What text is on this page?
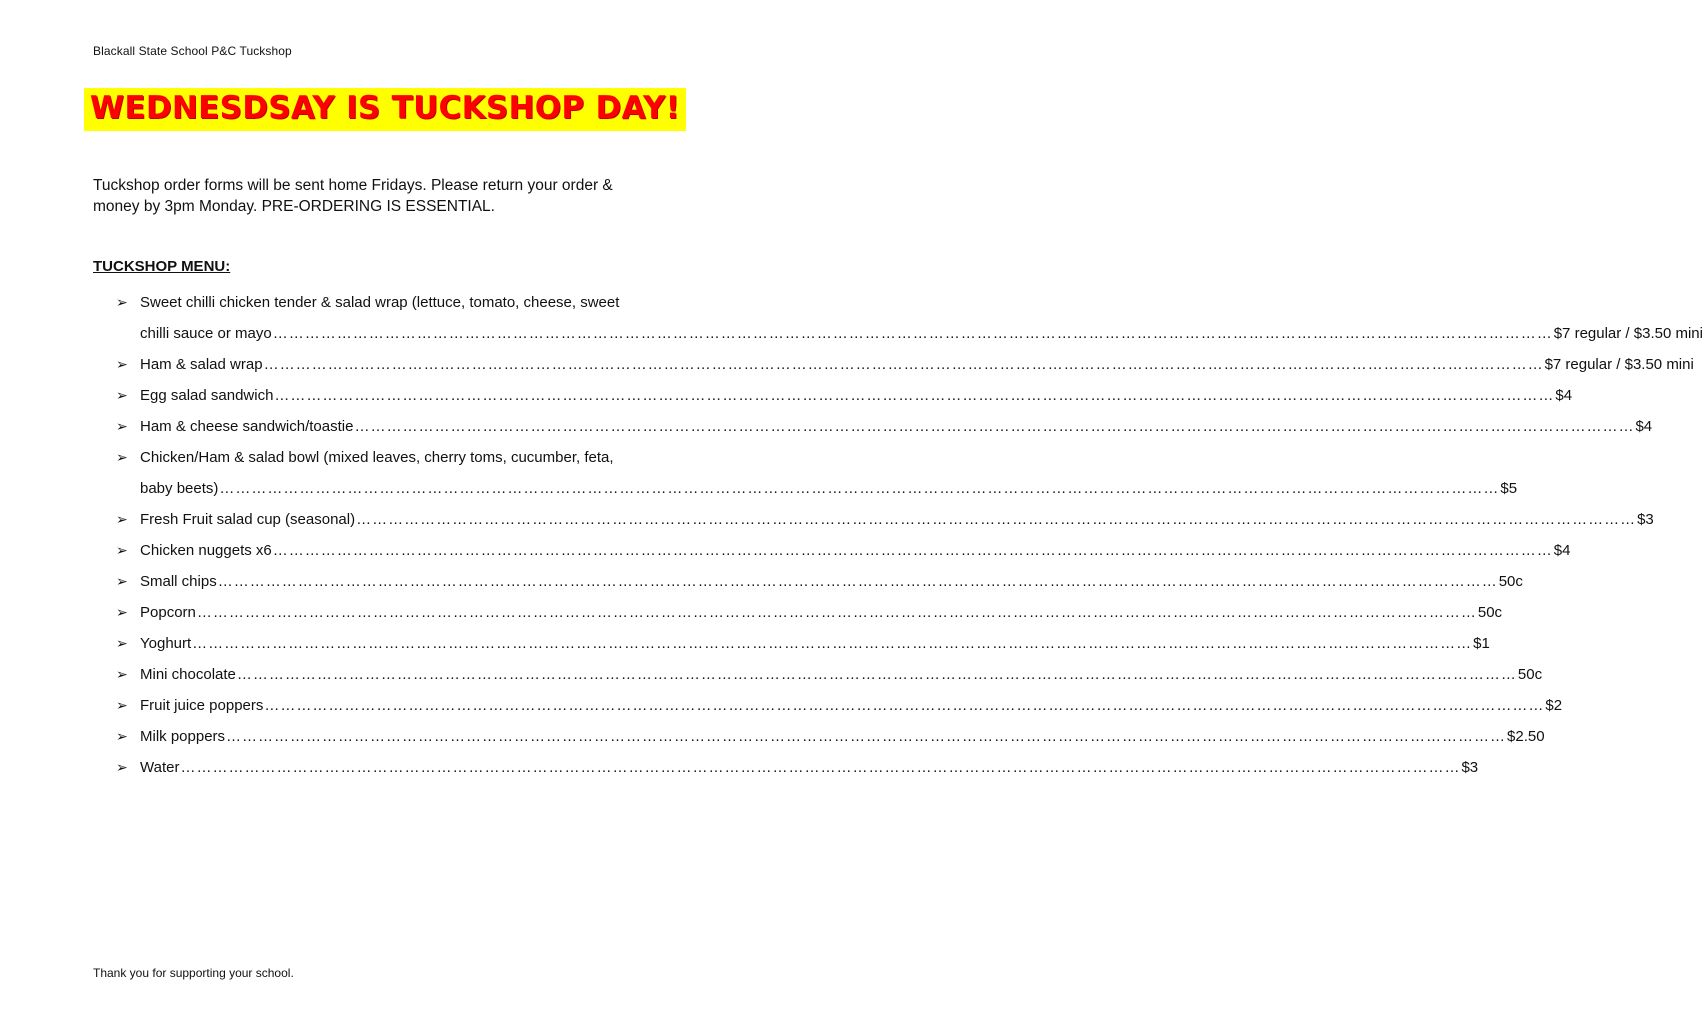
Blackall State School P&C Tuckshop
WEDNESDSAY IS TUCKSHOP DAY!

Tuckshop order forms will be sent home Fridays. Please return your order &

money by 3pm Monday. PRE-ORDERING IS ESSENTIAL.

TUCKSHOP MENU:
➢ Sweet chilli chicken tender & salad wrap (lettuce, tomato, cheese, sweet
chilli sauce or mayo …………………………………………………………………………………………………………………………………………………………………………………………………………………… $7 regular / $3.50 mini
➢ Ham & salad wrap …………………………………………………………………………………………………………………………………………………………………………………………………………………… $7 regular / $3.50 mini
➢ Egg salad sandwich …………………………………………………………………………………………………………………………………………………………………………………………………………………… $4
➢ Ham & cheese sandwich/toastie …………………………………………………………………………………………………………………………………………………………………………………………………………………… $4
➢ Chicken/Ham & salad bowl (mixed leaves, cherry toms, cucumber, feta,
baby beets) …………………………………………………………………………………………………………………………………………………………………………………………………………………… $5
➢ Fresh Fruit salad cup (seasonal) …………………………………………………………………………………………………………………………………………………………………………………………………………………… $3
➢ Chicken nuggets x6 …………………………………………………………………………………………………………………………………………………………………………………………………………………… $4
➢ Small chips …………………………………………………………………………………………………………………………………………………………………………………………………………………… 50c
➢ Popcorn …………………………………………………………………………………………………………………………………………………………………………………………………………………… 50c
➢ Yoghurt …………………………………………………………………………………………………………………………………………………………………………………………………………………… $1
➢ Mini chocolate …………………………………………………………………………………………………………………………………………………………………………………………………………………… 50c
➢ Fruit juice poppers …………………………………………………………………………………………………………………………………………………………………………………………………………………… $2
➢ Milk poppers …………………………………………………………………………………………………………………………………………………………………………………………………………………… $2.50
➢ Water …………………………………………………………………………………………………………………………………………………………………………………………………………………… $3
Thank you for supporting your school.
